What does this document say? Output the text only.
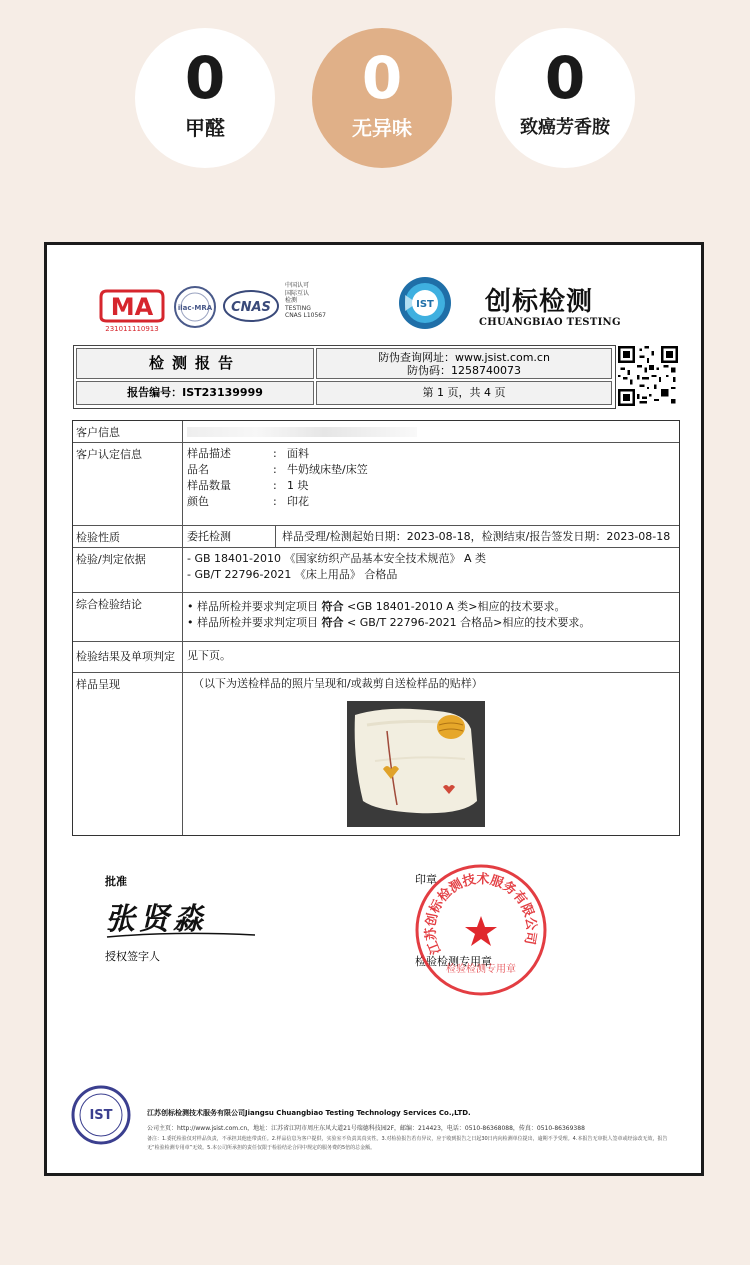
0
甲醛
0
无异味
0
致癌芳香胺
MA
231011110913
ilac-MRA CNAS
中国认可
国际互认
检测
TESTING
CNAS L10567
IST 创标检测
CHUANGBIAO TESTING
检测报告	防伪查询网址：www.jsist.com.cn
防伪码：1258740073
报告编号：IST23139999	第 1 页，共 4 页
客户信息
客户认定信息	样品描述	: 面料
品名	: 牛奶绒床垫/床笠
样品数量	: 1 块
颜色	: 印花
检验性质	委托检测	样品受理/检测起始日期：2023-08-18，检测结束/报告签发日期：2023-08-18
检验/判定依据	- GB 18401-2010 《国家纺织产品基本安全技术规范》 A 类
- GB/T 22796-2021 《床上用品》 合格品
综合检验结论	• 样品所检并要求判定项目 符合 <GB 18401-2010 A 类>相应的技术要求。
• 样品所检并要求判定项目 符合 < GB/T 22796-2021 合格品>相应的技术要求。
检验结果及单项判定	见下页。
样品呈现	（以下为送检样品的照片呈现和/或裁剪自送检样品的贴样）
批准
张贤淼
授权签字人
印章
检验检测专用章
江苏创标检测技术服务有限公司
检验检测专用章
IST	江苏创标检测技术服务有限公司Jiangsu Chuangbiao Testing Technology Services Co.,LTD.
公司主页：http://www.jsist.com.cn，地址：江苏省江阴市周庄东风大道21号瑞德科技园2F，邮编：214423，电话：0510-86368088，传真：0510-86369388
备注：1.委托检验仅对样品负责，不承担其他连带责任。2.样品信息为客户提供，实验室不负责其真实性。3.对检验报告若有异议，应于收到报告之日起30日内向检测单位提出，逾期不予受理。4.本报告无审批人签章或经涂改无效，报告无“检验检测专用章”无效。5.本公司所承担的责任仅限于检验结论合同中规定的服务费的5倍的总金额。
